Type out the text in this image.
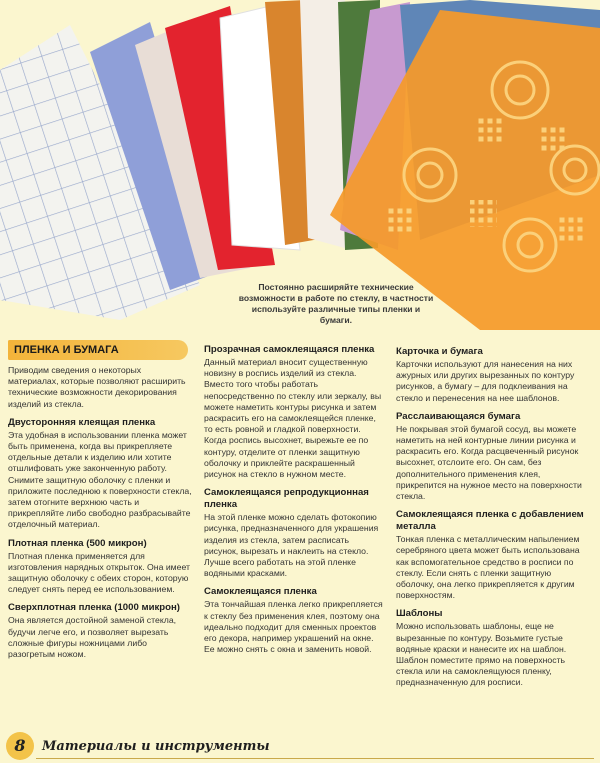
Постоянно расширяйте технические возможности в работе по стеклу, в частности используйте различные типы пленки и бумаги.
ПЛЕНКА И БУМАГА
Приводим сведения о некоторых материалах, которые позволяют расширить технические возможности декорирования изделий из стекла.
Двусторонняя клеящая пленка
Эта удобная в использовании пленка может быть применена, когда вы прикрепляете отдельные детали к изделию или хотите отшлифовать уже законченную работу. Снимите защитную оболочку с пленки и приложите последнюю к поверхности стекла, затем отогните верхнюю часть и прикрепляйте либо свободно разбрасывайте отделочный материал.
Плотная пленка (500 микрон)
Плотная пленка применяется для изготовления нарядных открыток. Она имеет защитную оболочку с обеих сторон, которую следует снять перед ее использованием.
Сверхплотная пленка (1000 микрон)
Она является достойной заменой стекла, будучи легче его, и позволяет вырезать сложные фигуры ножницами либо разогретым ножом.
Прозрачная самоклеящаяся пленка
Данный материал вносит существенную новизну в роспись изделий из стекла. Вместо того чтобы работать непосредственно по стеклу или зеркалу, вы можете наметить контуры рисунка и затем раскрасить его на самоклеящейся пленке, то есть ровной и гладкой поверхности. Когда роспись высохнет, вырежьте ее по контуру, отделите от пленки защитную оболочку и приклейте раскрашенный рисунок на стекло в нужном месте.
Самоклеящаяся репродукционная пленка
На этой пленке можно сделать фотокопию рисунка, предназначенного для украшения изделия из стекла, затем расписать рисунок, вырезать и наклеить на стекло. Лучше всего работать на этой пленке водяными красками.
Самоклеящаяся пленка
Эта тончайшая пленка легко прикрепляется к стеклу без применения клея, поэтому она идеально подходит для сменных проектов его декора, например украшений на окне. Ее можно снять с окна и заменить новой.
Карточка и бумага
Карточки используют для нанесения на них ажурных или других вырезанных по контуру рисунков, а бумагу – для подклеивания на стекло и перенесения на нее шаблонов.
Расслаивающаяся бумага
Не покрывая этой бумагой сосуд, вы можете наметить на ней контурные линии рисунка и раскрасить его. Когда расцвеченный рисунок высохнет, отслоите его. Он сам, без дополнительного применения клея, прикрепится на нужное место на поверхности стекла.
Самоклеящаяся пленка с добавлением металла
Тонкая пленка с металлическим напылением серебряного цвета может быть использована как вспомогательное средство в росписи по стеклу. Если снять с пленки защитную оболочку, она легко прикрепляется к другим поверхностям.
Шаблоны
Можно использовать шаблоны, еще не вырезанные по контуру. Возьмите густые водяные краски и нанесите их на шаблон. Шаблон поместите прямо на поверхность стекла или на самоклеящуюся пленку, предназначенную для росписи.
8	Материалы и инструменты
